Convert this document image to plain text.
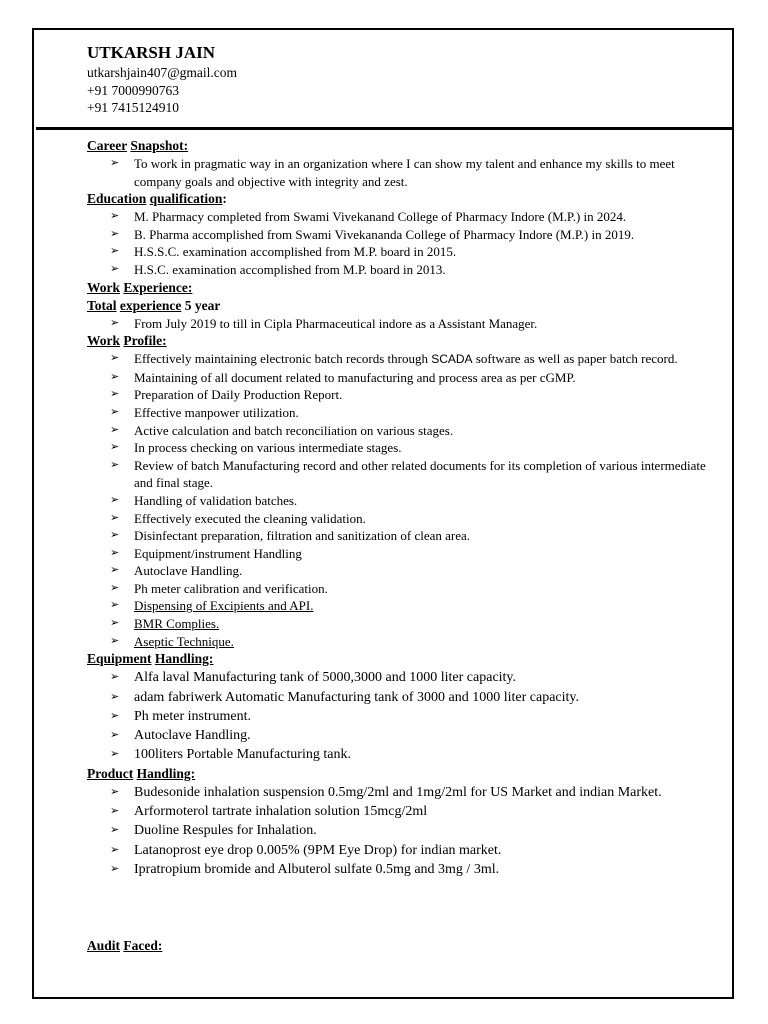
UTKARSH JAIN
utkarshjain407@gmail.com
+91 7000990763
+91 7415124910
Career Snapshot:
➢ To work in pragmatic way in an organization where I can show my talent and enhance my skills to meet company goals and objective with integrity and zest.
Education qualification:
➢ M. Pharmacy completed from Swami Vivekanand College of Pharmacy Indore (M.P.) in 2024.
➢ B. Pharma accomplished from Swami Vivekananda College of Pharmacy Indore (M.P.) in 2019.
➢ H.S.S.C. examination accomplished from M.P. board in 2015.
➢ H.S.C. examination accomplished from M.P. board in 2013.
Work Experience:
Total experience 5 year
➢ From July 2019 to till in Cipla Pharmaceutical indore as a Assistant Manager.
Work Profile:
➢ Effectively maintaining electronic batch records through SCADA software as well as paper batch record.
➢ Maintaining of all document related to manufacturing and process area as per cGMP.
➢ Preparation of Daily Production Report.
➢ Effective manpower utilization.
➢ Active calculation and batch reconciliation on various stages.
➢ In process checking on various intermediate stages.
➢ Review of batch Manufacturing record and other related documents for its completion of various intermediate and final stage.
➢ Handling of validation batches.
➢ Effectively executed the cleaning validation.
➢ Disinfectant preparation, filtration and sanitization of clean area.
➢ Equipment/instrument Handling
➢ Autoclave Handling.
➢ Ph meter calibration and verification.
➢ Dispensing of Excipients and API.
➢ BMR Complies.
➢ Aseptic Technique.
Equipment Handling:
➢ Alfa laval Manufacturing tank of 5000,3000 and 1000 liter capacity.
➢ adam fabriwerk Automatic Manufacturing tank of 3000 and 1000 liter capacity.
➢ Ph meter instrument.
➢ Autoclave Handling.
➢ 100liters Portable Manufacturing tank.
Product Handling:
➢ Budesonide inhalation suspension 0.5mg/2ml and 1mg/2ml for US Market and indian Market.
➢ Arformoterol tartrate inhalation solution 15mcg/2ml
➢ Duoline Respules for Inhalation.
➢ Latanoprost eye drop 0.005% (9PM Eye Drop) for indian market.
➢ Ipratropium bromide and Albuterol sulfate 0.5mg and 3mg / 3ml.
Audit Faced:
